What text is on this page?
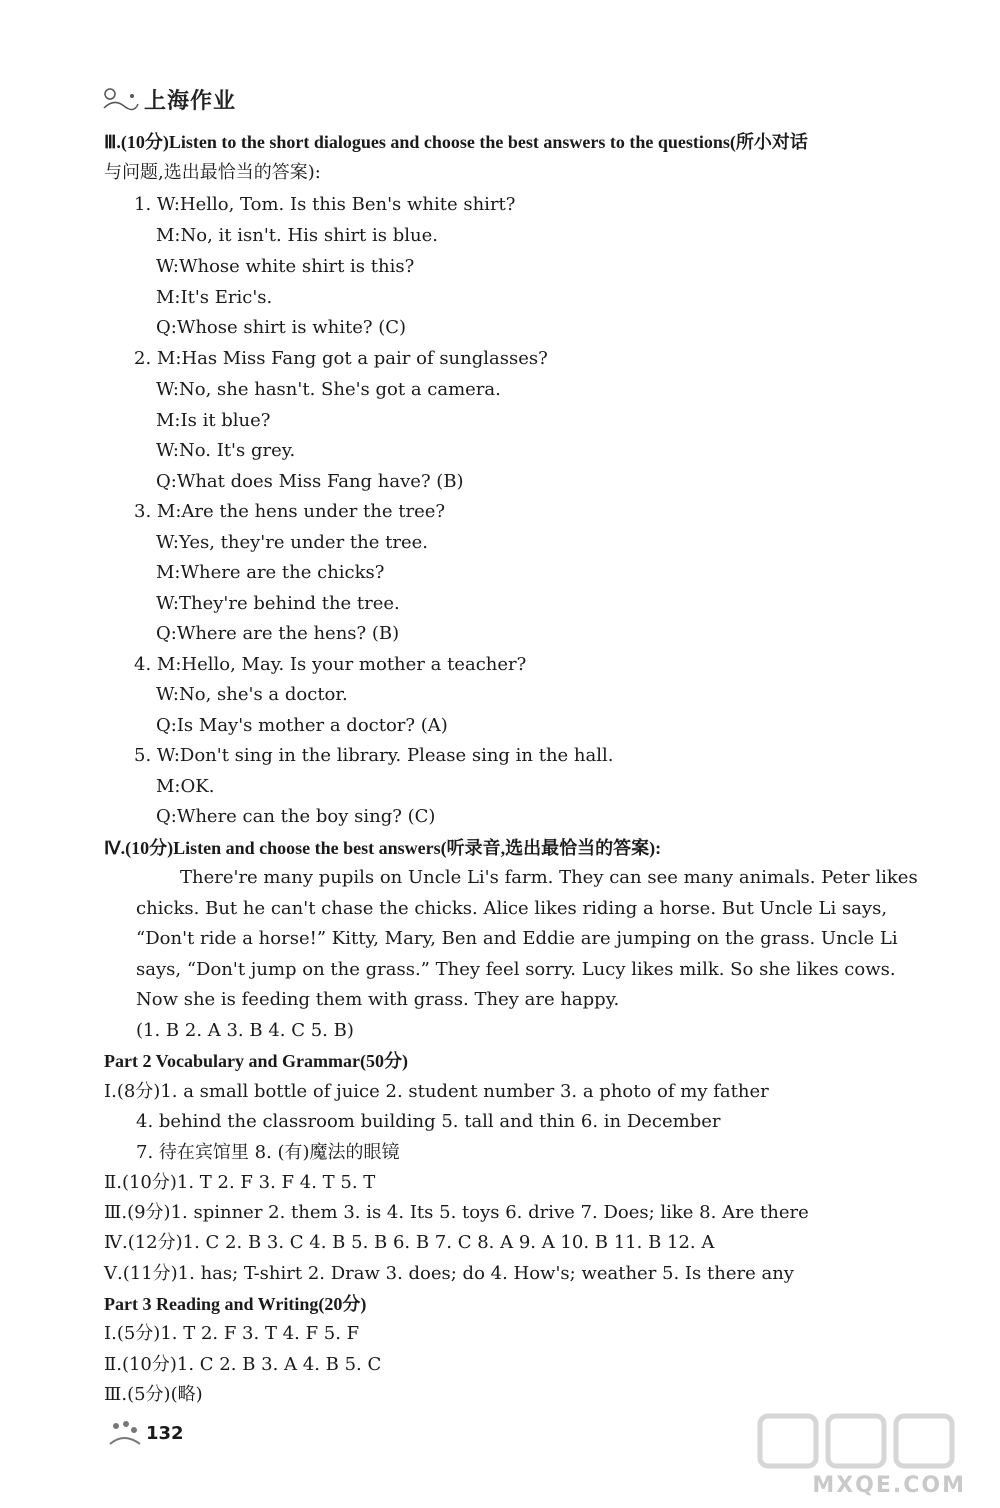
上海作业
Ⅲ.(10分)Listen to the short dialogues and choose the best answers to the questions(所小对话
与问题,选出最恰当的答案):
1. W:Hello, Tom. Is this Ben's white shirt?
M:No, it isn't. His shirt is blue.
W:Whose white shirt is this?
M:It's Eric's.
Q:Whose shirt is white? (C)
2. M:Has Miss Fang got a pair of sunglasses?
W:No, she hasn't. She's got a camera.
M:Is it blue?
W:No. It's grey.
Q:What does Miss Fang have? (B)
3. M:Are the hens under the tree?
W:Yes, they're under the tree.
M:Where are the chicks?
W:They're behind the tree.
Q:Where are the hens? (B)
4. M:Hello, May. Is your mother a teacher?
W:No, she's a doctor.
Q:Is May's mother a doctor? (A)
5. W:Don't sing in the library. Please sing in the hall.
M:OK.
Q:Where can the boy sing? (C)
Ⅳ.(10分)Listen and choose the best answers(听录音,选出最恰当的答案):
There're many pupils on Uncle Li's farm. They can see many animals. Peter likes
chicks. But he can't chase the chicks. Alice likes riding a horse. But Uncle Li says,
“Don't ride a horse!” Kitty, Mary, Ben and Eddie are jumping on the grass. Uncle Li
says, “Don't jump on the grass.” They feel sorry. Lucy likes milk. So she likes cows.
Now she is feeding them with grass. They are happy.
(1. B 2. A 3. B 4. C 5. B)
Part 2 Vocabulary and Grammar(50分)
Ⅰ.(8分)1. a small bottle of juice 2. student number 3. a photo of my father
4. behind the classroom building 5. tall and thin 6. in December
7. 待在宾馆里 8. (有)魔法的眼镜
Ⅱ.(10分)1. T 2. F 3. F 4. T 5. T
Ⅲ.(9分)1. spinner 2. them 3. is 4. Its 5. toys 6. drive 7. Does; like 8. Are there
Ⅳ.(12分)1. C 2. B 3. C 4. B 5. B 6. B 7. C 8. A 9. A 10. B 11. B 12. A
Ⅴ.(11分)1. has; T-shirt 2. Draw 3. does; do 4. How's; weather 5. Is there any
Part 3 Reading and Writing(20分)
Ⅰ.(5分)1. T 2. F 3. T 4. F 5. F
Ⅱ.(10分)1. C 2. B 3. A 4. B 5. C
Ⅲ.(5分)(略)
132
MXQE.COM
